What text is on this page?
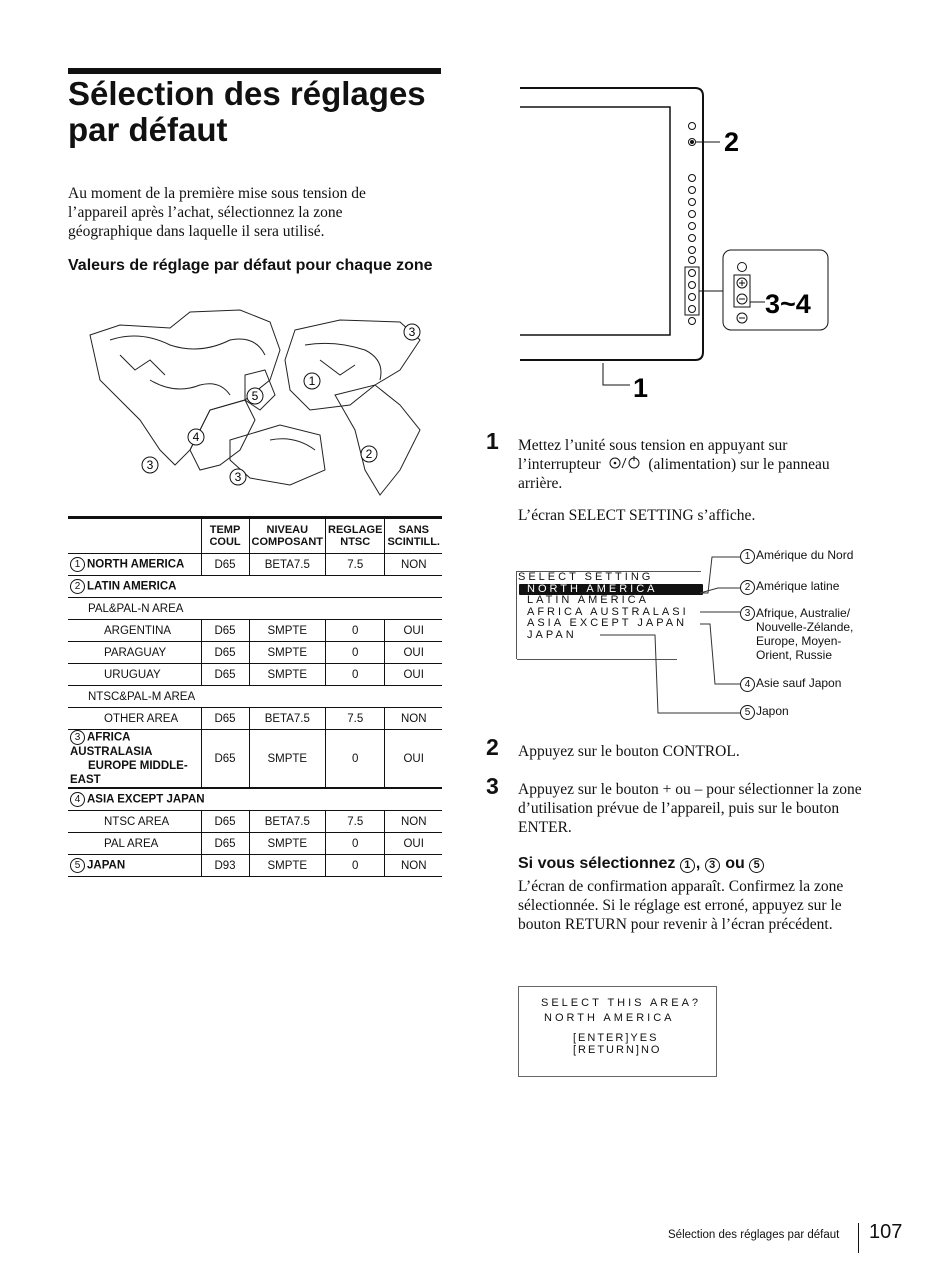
Sélection des réglages par défaut
Au moment de la première mise sous tension de l’appareil après l’achat, sélectionnez la zone géographique dans laquelle il sera utilisé.
Valeurs de réglage par défaut pour chaque zone
1
2
3
3
3
4
5
	TEMP COUL	NIVEAU COMPOSANT	REGLAGE NTSC	SANS SCINTILL.
1 NORTH AMERICA	D65	BETA7.5	7.5	NON
2 LATIN AMERICA				
PAL&PAL-N AREA				
ARGENTINA	D65	SMPTE	0	OUI
PARAGUAY	D65	SMPTE	0	OUI
URUGUAY	D65	SMPTE	0	OUI
NTSC&PAL-M AREA				
OTHER AREA	D65	BETA7.5	7.5	NON
3 AFRICA AUSTRALASIA
EUROPE MIDDLE-EAST	D65	SMPTE	0	OUI
4 ASIA EXCEPT JAPAN				
NTSC AREA	D65	BETA7.5	7.5	NON
PAL AREA	D65	SMPTE	0	OUI
5 JAPAN	D93	SMPTE	0	NON
2
3~4
1
1 Mettez l’unité sous tension en appuyant sur l’interrupteur	(alimentation) sur le panneau arrière.
L’écran SELECT SETTING s’affiche.
SELECT SETTING
NORTH AMERICA
LATIN AMERICA
AFRICA AUSTRALASI
ASIA EXCEPT JAPAN
JAPAN
1 Amérique du Nord
2 Amérique latine
3 Afrique, Australie/ Nouvelle-Zélande, Europe, Moyen-Orient, Russie
4 Asie sauf Japon
5 Japon
2 Appuyez sur le bouton CONTROL.
3 Appuyez sur le bouton + ou – pour sélectionner la zone d’utilisation prévue de l’appareil, puis sur le bouton ENTER.
Si vous sélectionnez 1 , 3 ou 5
L’écran de confirmation apparaît. Confirmez la zone sélectionnée. Si le réglage est erroné, appuyez sur le bouton RETURN pour revenir à l’écran précédent.
SELECT THIS AREA?
NORTH AMERICA
[ENTER]YES
[RETURN]NO
Sélection des réglages par défaut 107
